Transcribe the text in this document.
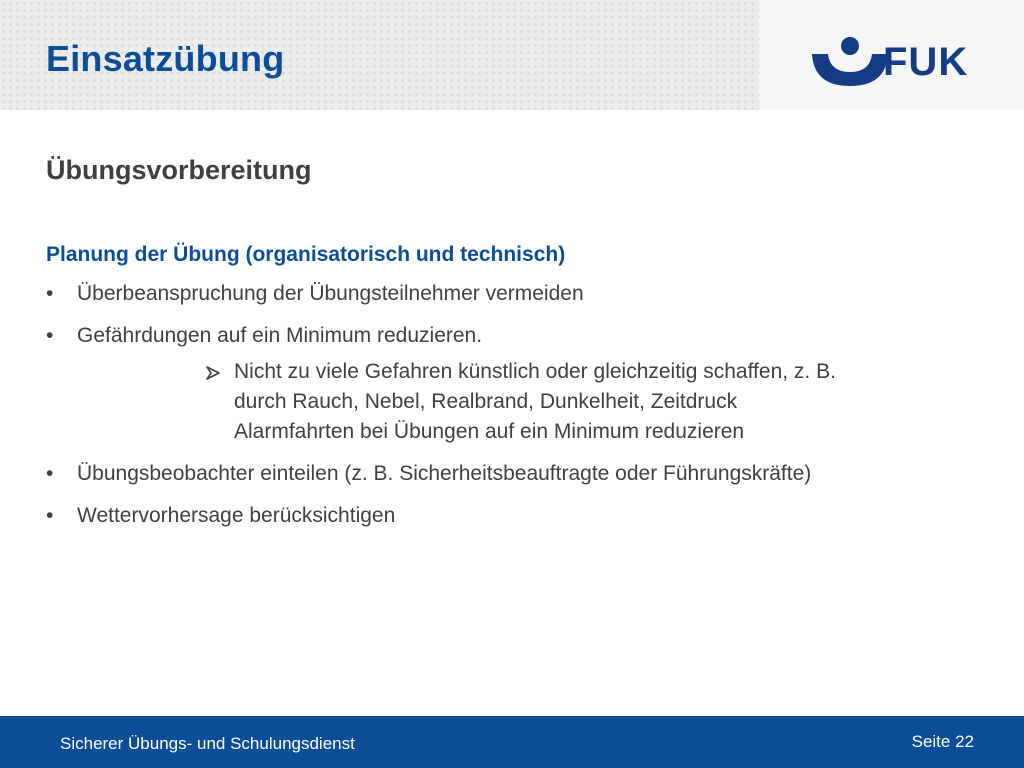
Einsatzübung	FUK
Übungsvorbereitung
Planung der Übung (organisatorisch und technisch)
•	Überbeanspruchung der Übungsteilnehmer vermeiden
•	Gefährdungen auf ein Minimum reduzieren.
Nicht zu viele Gefahren künstlich oder gleichzeitig schaffen, z. B.
durch Rauch, Nebel, Realbrand, Dunkelheit, Zeitdruck
Alarmfahrten bei Übungen auf ein Minimum reduzieren
•	Übungsbeobachter einteilen (z. B. Sicherheitsbeauftragte oder Führungskräfte)
•	Wettervorhersage berücksichtigen
Sicherer Übungs- und Schulungsdienst	Seite 22
